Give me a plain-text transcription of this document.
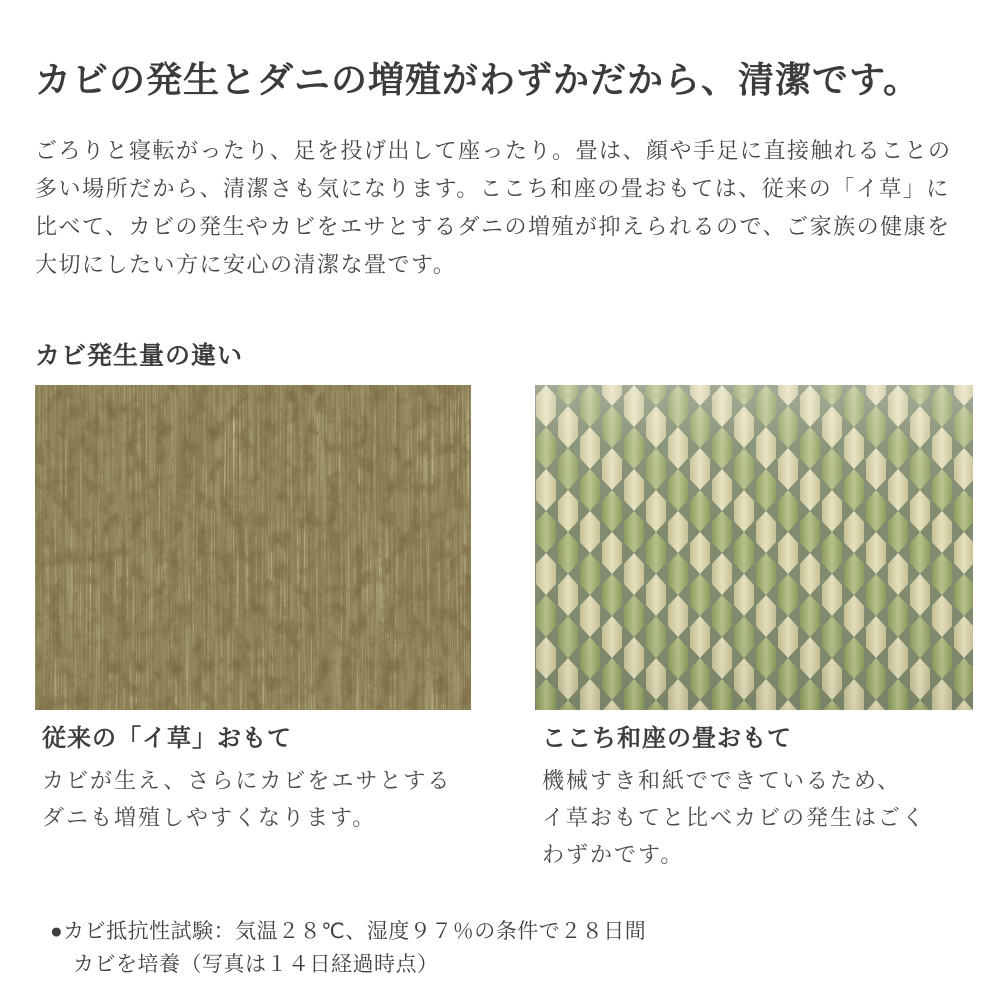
カビの発生とダニの増殖がわずかだから、清潔です。
ごろりと寝転がったり、足を投げ出して座ったり。畳は、顔や手足に直接触れることの
多い場所だから、清潔さも気になります。ここち和座の畳おもては、従来の「イ草」に
比べて、カビの発生やカビをエサとするダニの増殖が抑えられるので、ご家族の健康を
大切にしたい方に安心の清潔な畳です。
カビ発生量の違い
従来の「イ草」おもて
カビが生え、さらにカビをエサとする
ダニも増殖しやすくなります。
ここち和座の畳おもて
機械すき和紙でできているため、
イ草おもてと比べカビの発生はごく
わずかです。
●カビ抵抗性試験：気温２８℃、湿度９７％の条件で２８日間
カビを培養（写真は１４日経過時点）
